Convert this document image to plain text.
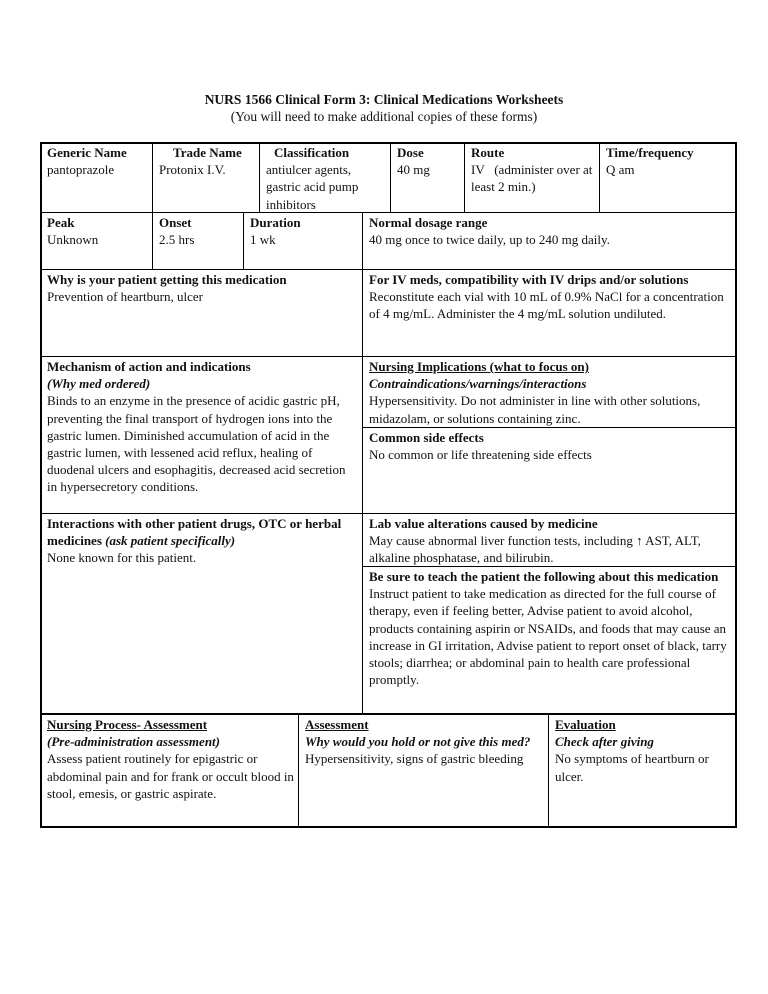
NURS 1566 Clinical Form 3: Clinical Medications Worksheets
(You will need to make additional copies of these forms)

Generic Name

pantoprazole

Trade Name

Protonix I.V.

Classification

antiulcer agents, gastric acid pump inhibitors

Dose

40 mg

Route

IV   (administer over at least 2 min.)

Time/frequency

Q am

Peak

Unknown

Onset

2.5 hrs

Duration

1 wk

Normal dosage range

40 mg once to twice daily, up to 240 mg daily.

Why is your patient getting this medication

Prevention of heartburn, ulcer

For IV meds, compatibility with IV drips and/or solutions

Reconstitute each vial with 10 mL of 0.9% NaCl for a concentration of 4 mg/mL. Administer the 4 mg/mL solution undiluted.

Mechanism of action and indications

(Why med ordered)

Binds to an enzyme in the presence of acidic gastric pH, preventing the final transport of hydrogen ions into the gastric lumen. Diminished accumulation of acid in the gastric lumen, with lessened acid reflux, healing of duodenal ulcers and esophagitis, decreased acid secretion in hypersecretory conditions.

Nursing Implications (what to focus on)

Contraindications/warnings/interactions

Hypersensitivity. Do not administer in line with other solutions, midazolam, or solutions containing zinc.

Common side effects

No common or life threatening side effects

Interactions with other patient drugs, OTC or herbal medicines (ask patient specifically)

None known for this patient.

Lab value alterations caused by medicine

May cause abnormal liver function tests, including ↑ AST, ALT, alkaline phosphatase, and bilirubin.

Be sure to teach the patient the following about this medication

Instruct patient to take medication as directed for the full course of therapy, even if feeling better, Advise patient to avoid alcohol, products containing aspirin or NSAIDs, and foods that may cause an increase in GI irritation, Advise patient to report onset of black, tarry stools; diarrhea; or abdominal pain to health care professional promptly.

Nursing Process- Assessment

(Pre-administration assessment)

Assess patient routinely for epigastric or abdominal pain and for frank or occult blood in stool, emesis, or gastric aspirate.

Assessment

Why would you hold or not give this med?

Hypersensitivity, signs of gastric bleeding

Evaluation

Check after giving

No symptoms of heartburn or ulcer.
